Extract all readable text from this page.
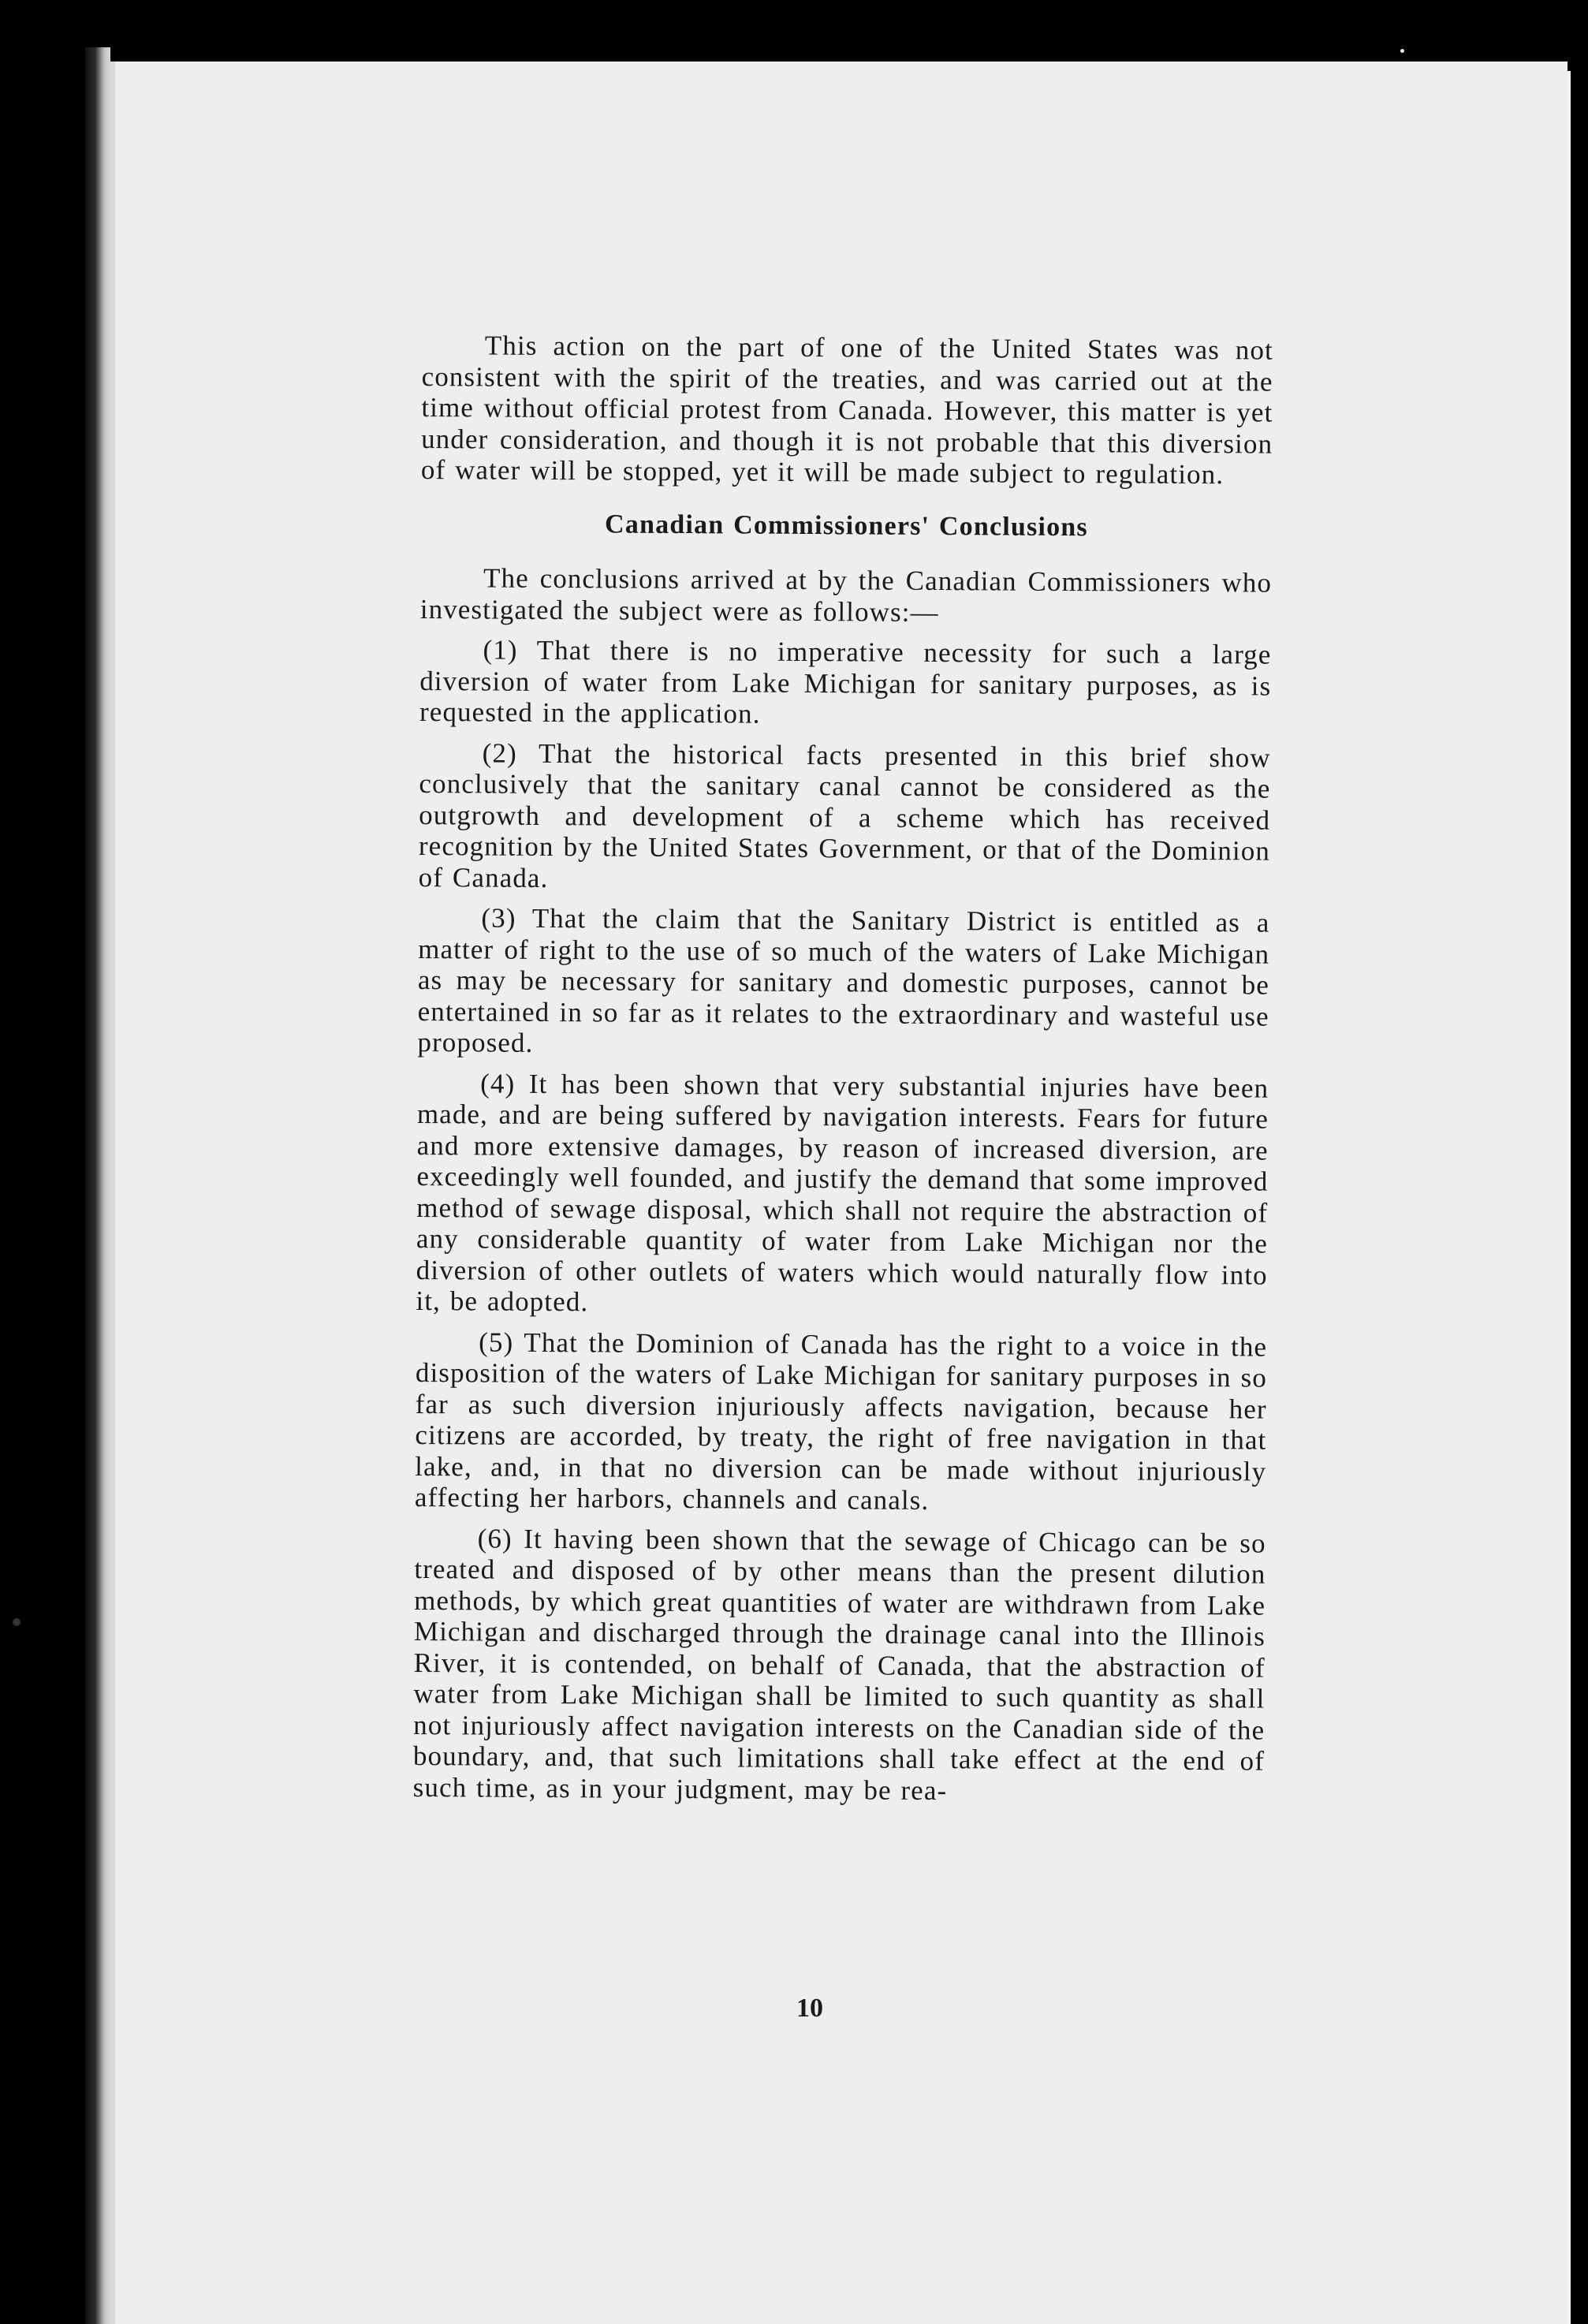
This action on the part of one of the United States was not consistent with the spirit of the treaties, and was carried out at the time without official protest from Canada. However, this matter is yet under consideration, and though it is not probable that this diversion of water will be stopped, yet it will be made subject to regulation.

Canadian Commissioners' Conclusions

The conclusions arrived at by the Canadian Commissioners who investigated the subject were as follows:—

(1) That there is no imperative necessity for such a large diversion of water from Lake Michigan for sanitary purposes, as is requested in the application.

(2) That the historical facts presented in this brief show conclusively that the sanitary canal cannot be considered as the outgrowth and development of a scheme which has received recognition by the United States Government, or that of the Dominion of Canada.

(3) That the claim that the Sanitary District is entitled as a matter of right to the use of so much of the waters of Lake Michigan as may be necessary for sanitary and domestic purposes, cannot be entertained in so far as it relates to the extraordinary and wasteful use proposed.

(4) It has been shown that very substantial injuries have been made, and are being suffered by navigation interests. Fears for future and more extensive damages, by reason of increased diversion, are exceedingly well founded, and justify the demand that some improved method of sewage disposal, which shall not require the abstraction of any considerable quantity of water from Lake Michigan nor the diversion of other outlets of waters which would naturally flow into it, be adopted.

(5) That the Dominion of Canada has the right to a voice in the disposition of the waters of Lake Michigan for sanitary purposes in so far as such diversion injuriously affects navigation, because her citizens are accorded, by treaty, the right of free navigation in that lake, and, in that no diversion can be made without injuriously affecting her harbors, channels and canals.

(6) It having been shown that the sewage of Chicago can be so treated and disposed of by other means than the present dilution methods, by which great quantities of water are withdrawn from Lake Michigan and discharged through the drainage canal into the Illinois River, it is contended, on behalf of Canada, that the abstraction of water from Lake Michigan shall be limited to such quantity as shall not injuriously affect navigation interests on the Canadian side of the boundary, and, that such limitations shall take effect at the end of such time, as in your judgment, may be rea-

10
